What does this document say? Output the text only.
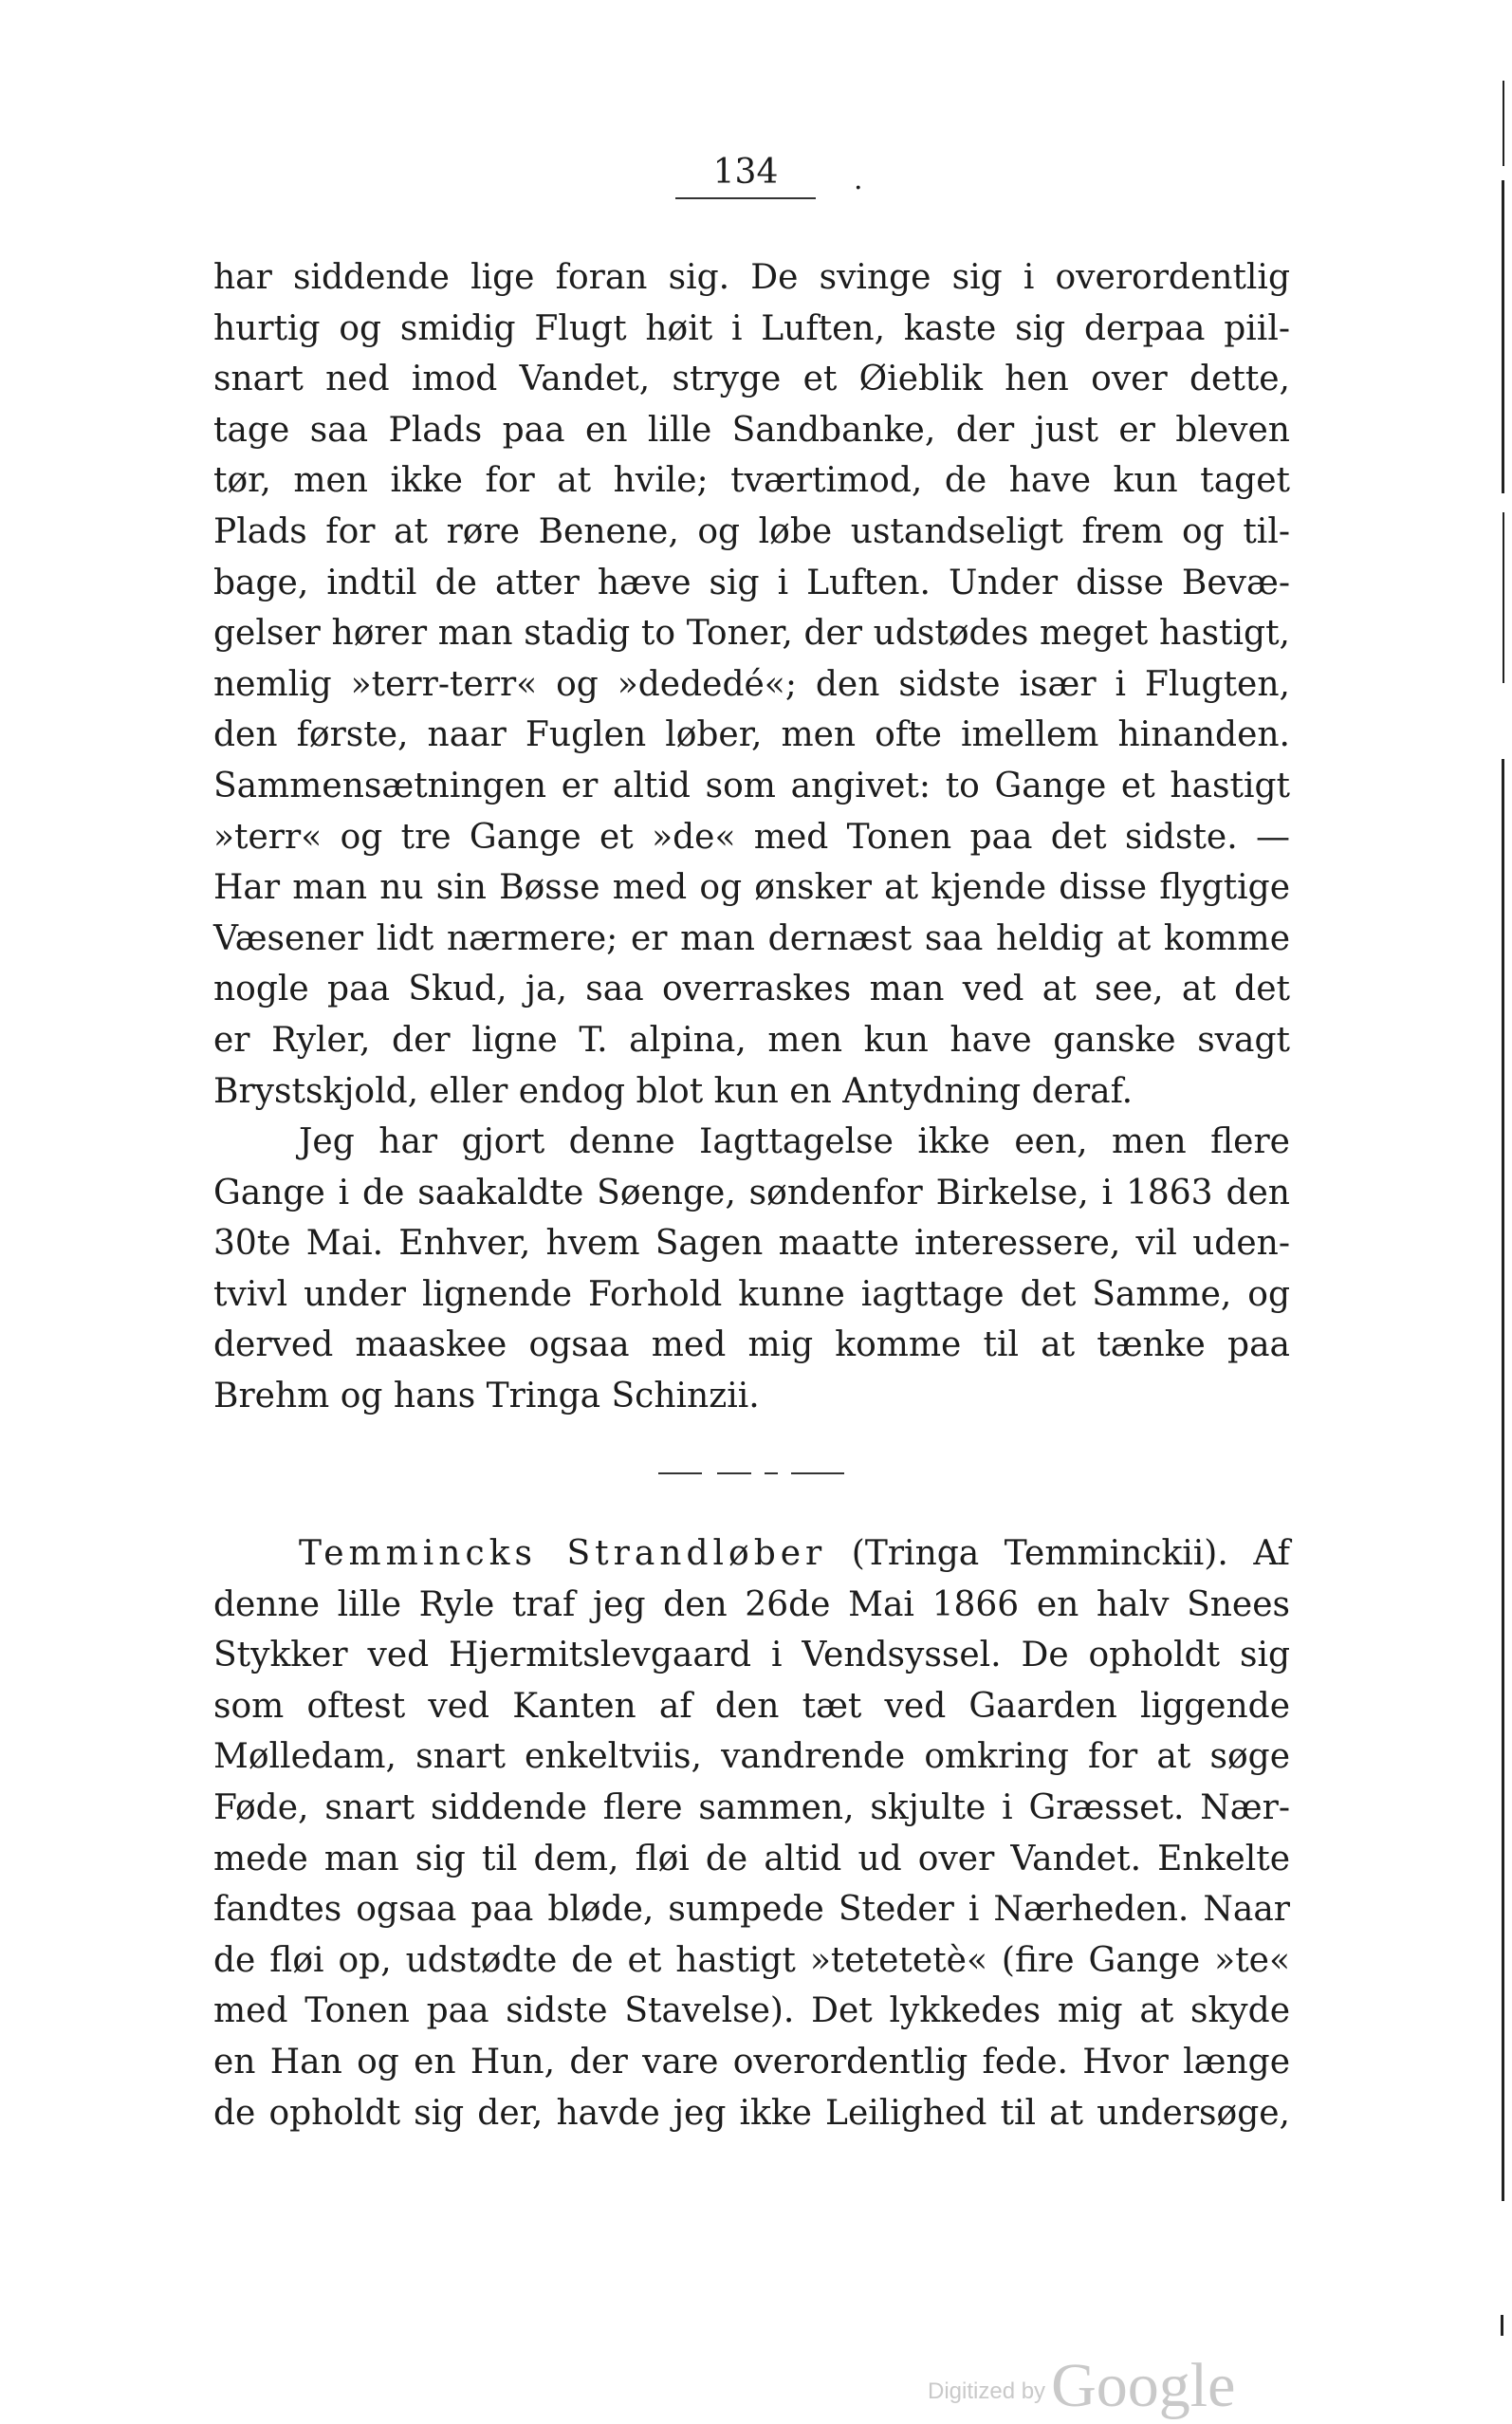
134	.
har siddende lige foran sig. De svinge sig i overordentlig
hurtig og smidig Flugt høit i Luften, kaste sig derpaa piil-
snart ned imod Vandet, stryge et Øieblik hen over dette,
tage saa Plads paa en lille Sandbanke, der just er bleven
tør, men ikke for at hvile; tværtimod, de have kun taget
Plads for at røre Benene, og løbe ustandseligt frem og til-
bage, indtil de atter hæve sig i Luften. Under disse Bevæ-
gelser hører man stadig to Toner, der udstødes meget hastigt,
nemlig »terr-terr« og »dededé«; den sidste især i Flugten,
den første, naar Fuglen løber, men ofte imellem hinanden.
Sammensætningen er altid som angivet: to Gange et hastigt
»terr« og tre Gange et »de« med Tonen paa det sidste. —
Har man nu sin Bøsse med og ønsker at kjende disse flygtige
Væsener lidt nærmere; er man dernæst saa heldig at komme
nogle paa Skud, ja, saa overraskes man ved at see, at det
er Ryler, der ligne T. alpina, men kun have ganske svagt
Brystskjold, eller endog blot kun en Antydning deraf.
Jeg har gjort denne Iagttagelse ikke een, men flere
Gange i de saakaldte Søenge, søndenfor Birkelse, i 1863 den
30te Mai. Enhver, hvem Sagen maatte interessere, vil uden-
tvivl under lignende Forhold kunne iagttage det Samme, og
derved maaskee ogsaa med mig komme til at tænke paa
Brehm og hans Tringa Schinzii.
Temmincks Strandløber (Tringa Temminckii). Af
denne lille Ryle traf jeg den 26de Mai 1866 en halv Snees
Stykker ved Hjermitslevgaard i Vendsyssel. De opholdt sig
som oftest ved Kanten af den tæt ved Gaarden liggende
Mølledam, snart enkeltviis, vandrende omkring for at søge
Føde, snart siddende flere sammen, skjulte i Græsset. Nær-
mede man sig til dem, fløi de altid ud over Vandet. Enkelte
fandtes ogsaa paa bløde, sumpede Steder i Nærheden. Naar
de fløi op, udstødte de et hastigt »tetetetè« (fire Gange »te«
med Tonen paa sidste Stavelse). Det lykkedes mig at skyde
en Han og en Hun, der vare overordentlig fede. Hvor længe
de opholdt sig der, havde jeg ikke Leilighed til at undersøge,
Digitized by Google
